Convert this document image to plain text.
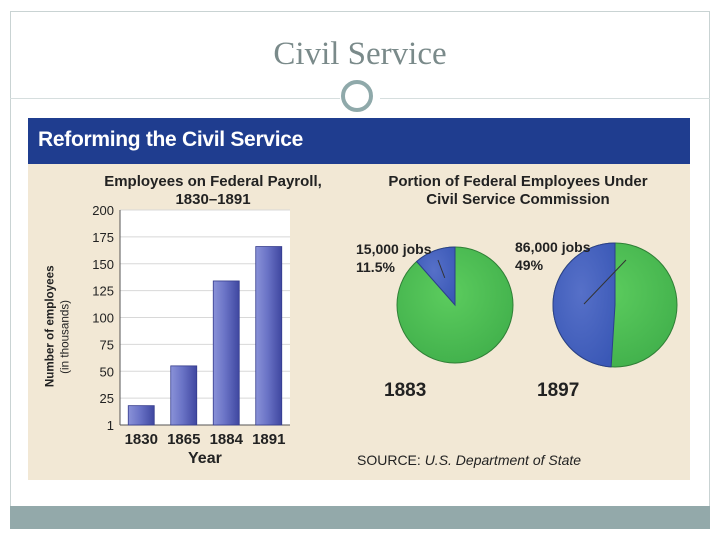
Civil Service
Reforming the Civil Service
Employees on Federal Payroll,
1830–1891
Portion of Federal Employees Under
Civil Service Commission
Number of employees (in thousands)
1
25
50
75
100
125
150
175
200
1830 1865 1884 1891
Year
15,000 jobs
11.5%
86,000 jobs
49%
1883	1897
SOURCE: U.S. Department of State
